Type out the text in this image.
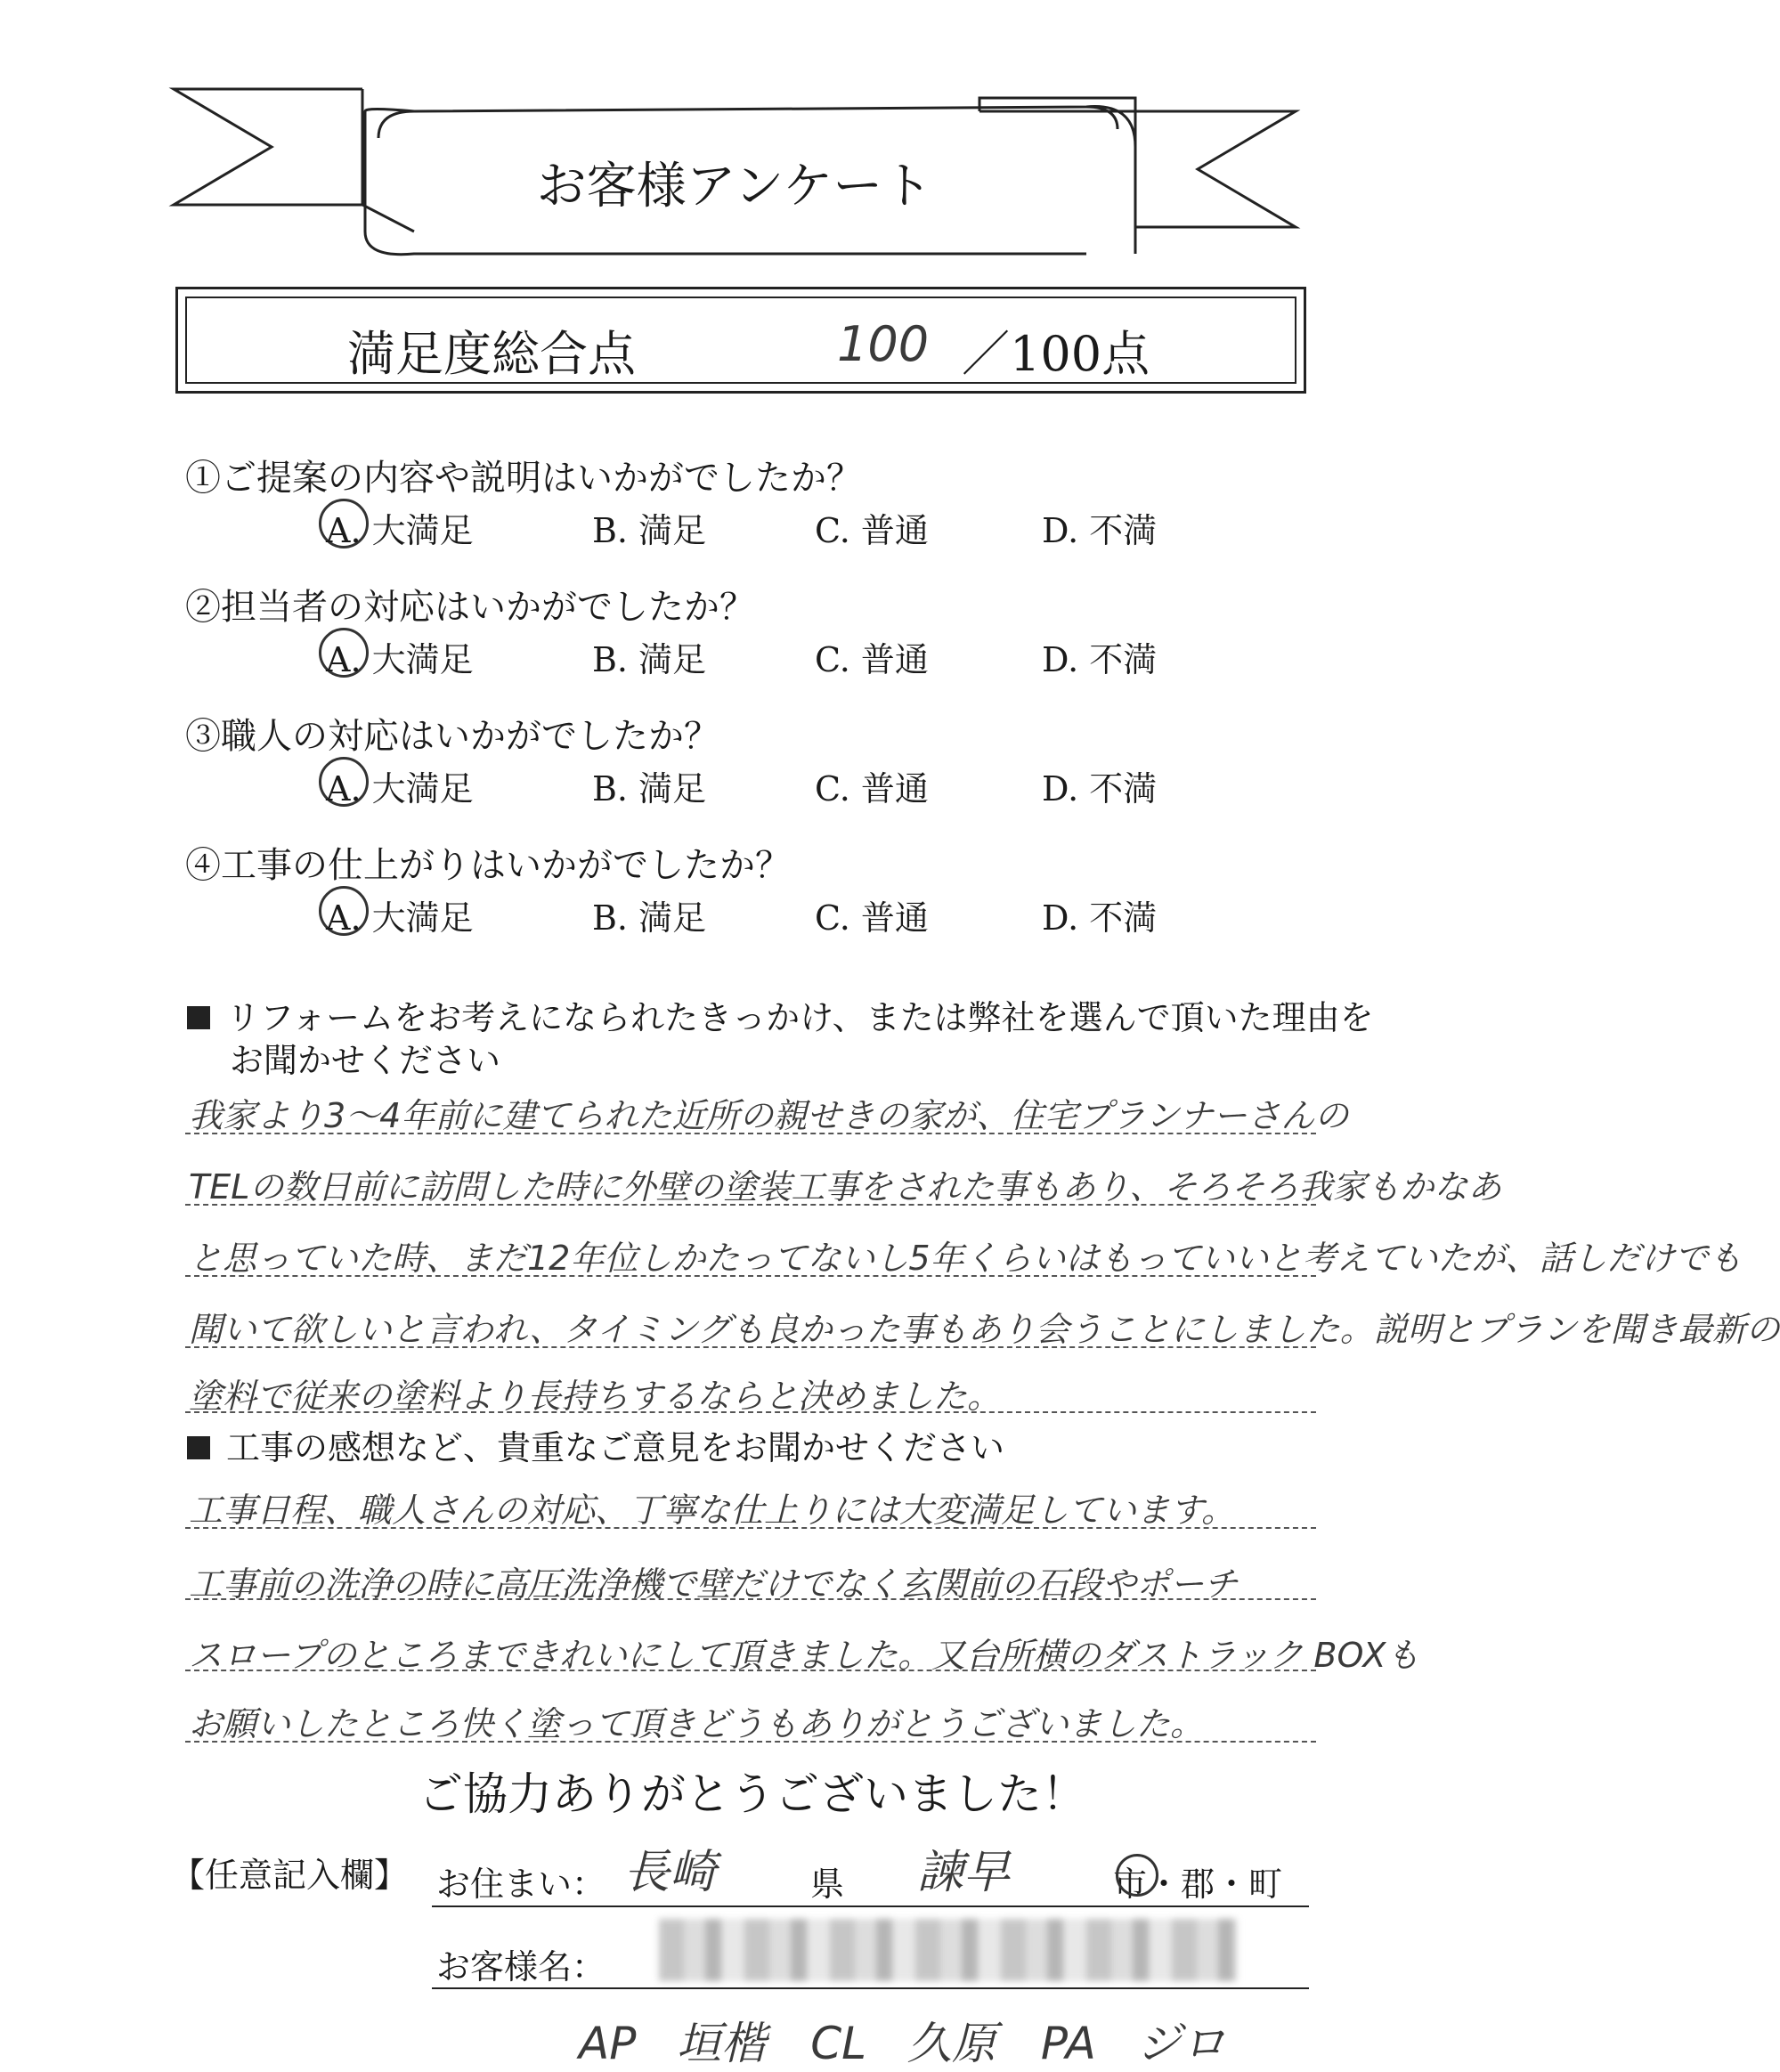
お客様アンケート
満足度総合点	100 ／100点
①ご提案の内容や説明はいかがでしたか？
②担当者の対応はいかがでしたか？
③職人の対応はいかがでしたか？
④工事の仕上がりはいかがでしたか？
A. 大満足	B. 満足	C. 普通	D. 不満
A. 大満足	B. 満足	C. 普通	D. 不満
A. 大満足	B. 満足	C. 普通	D. 不満
A. 大満足	B. 満足	C. 普通	D. 不満
リフォームをお考えになられたきっかけ、または弊社を選んで頂いた理由を
お聞かせください
我家より3～4年前に建てられた近所の親せきの家が、住宅プランナーさんの
TELの数日前に訪問した時に外壁の塗装工事をされた事もあり、そろそろ我家もかなあ
と思っていた時、まだ12年位しかたってないし5年くらいはもっていいと考えていたが、話しだけでも
聞いて欲しいと言われ、タイミングも良かった事もあり会うことにしました。説明とプランを聞き最新の
塗料で従来の塗料より長持ちするならと決めました。
工事の感想など、貴重なご意見をお聞かせください
工事日程、職人さんの対応、丁寧な仕上りには大変満足しています。
工事前の洗浄の時に高圧洗浄機で壁だけでなく玄関前の石段やポーチ
スロープのところまできれいにして頂きました。又台所横のダストラック BOXも
お願いしたところ快く塗って頂きどうもありがとうございました。
ご協力ありがとうございました！
【任意記入欄】 お住まい： 長崎	県 諫早	市・郡・町
お客様名：
AP 垣楷　CL 久原　PA ジロ
